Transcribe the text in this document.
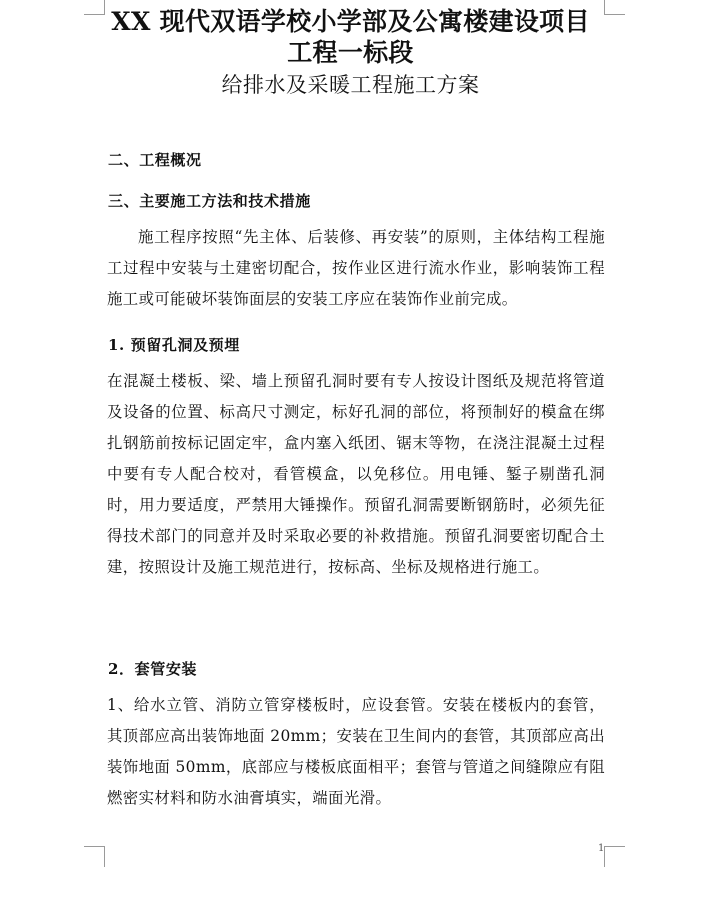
XX 现代双语学校小学部及公寓楼建设项目
工程一标段
给排水及采暖工程施工方案
二、工程概况
三、主要施工方法和技术措施
施工程序按照“先主体、后装修、再安装”的原则，主体结构工程施工过程中安装与土建密切配合，按作业区进行流水作业，影响装饰工程施工或可能破坏装饰面层的安装工序应在装饰作业前完成。
1. 预留孔洞及预埋
在混凝土楼板、梁、墙上预留孔洞时要有专人按设计图纸及规范将管道及设备的位置、标高尺寸测定，标好孔洞的部位，将预制好的模盒在绑扎钢筋前按标记固定牢，盒内塞入纸团、锯末等物，在浇注混凝土过程中要有专人配合校对，看管模盒，以免移位。用电锤、錾子剔凿孔洞时，用力要适度，严禁用大锤操作。预留孔洞需要断钢筋时，必须先征得技术部门的同意并及时采取必要的补救措施。预留孔洞要密切配合土建，按照设计及施工规范进行，按标高、坐标及规格进行施工。
2．套管安装
1、给水立管、消防立管穿楼板时，应设套管。安装在楼板内的套管，其顶部应高出装饰地面 20mm；安装在卫生间内的套管，其顶部应高出装饰地面 50mm，底部应与楼板底面相平；套管与管道之间缝隙应有阻燃密实材料和防水油膏填实，端面光滑。
1
